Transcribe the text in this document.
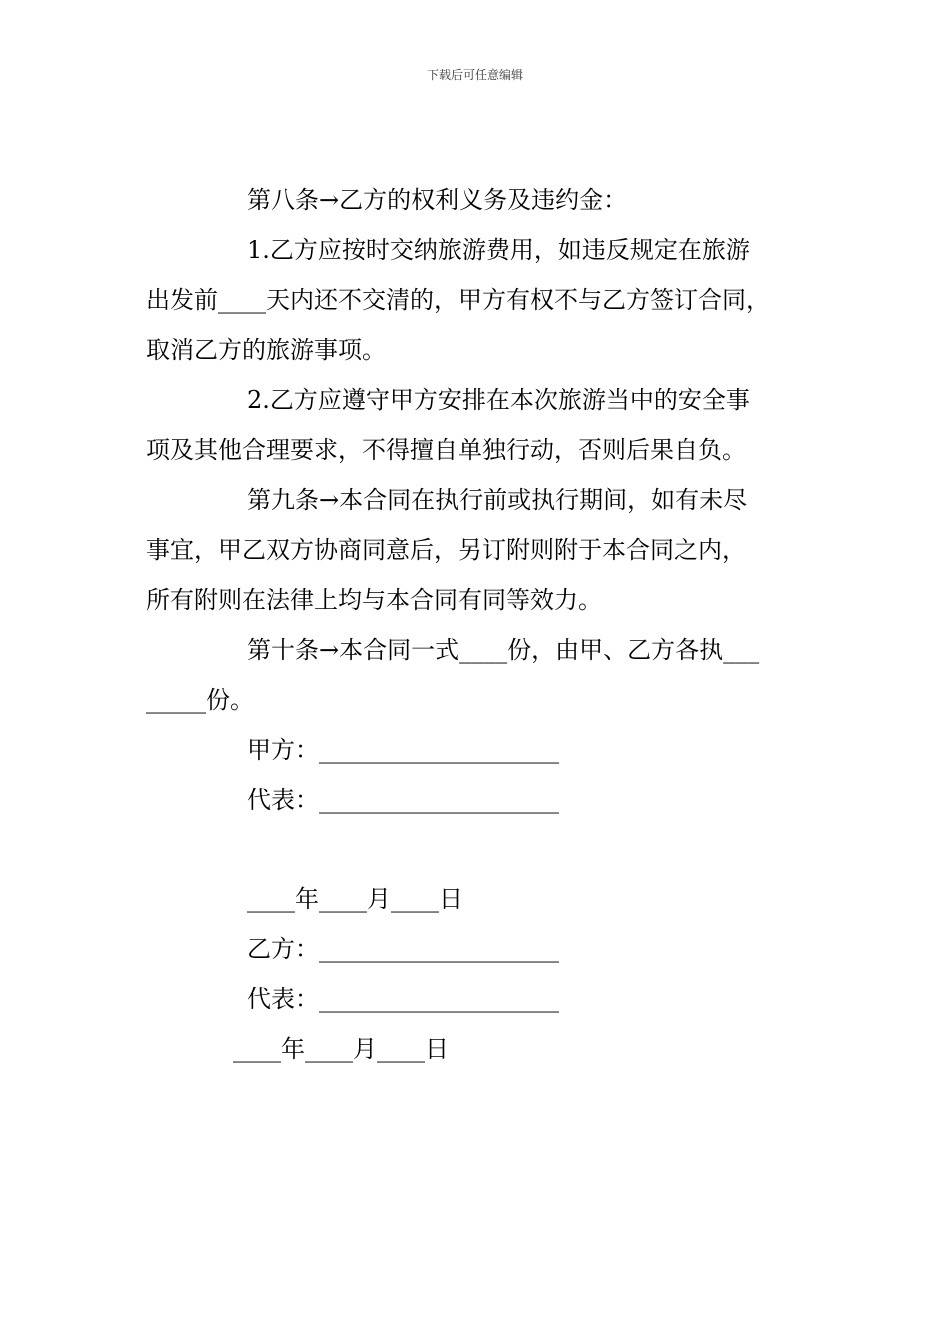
下载后可任意编辑
第八条→乙方的权利义务及违约金：
1.乙方应按时交纳旅游费用，如违反规定在旅游
出发前____天内还不交清的，甲方有权不与乙方签订合同，
取消乙方的旅游事项。
2.乙方应遵守甲方安排在本次旅游当中的安全事
项及其他合理要求，不得擅自单独行动，否则后果自负。
第九条→本合同在执行前或执行期间，如有未尽
事宜，甲乙双方协商同意后，另订附则附于本合同之内，
所有附则在法律上均与本合同有同等效力。
第十条→本合同一式____份，由甲、乙方各执___
_____份。
甲方：____________________
代表：____________________
____年____月____日
乙方：____________________
代表：____________________
____年____月____日
